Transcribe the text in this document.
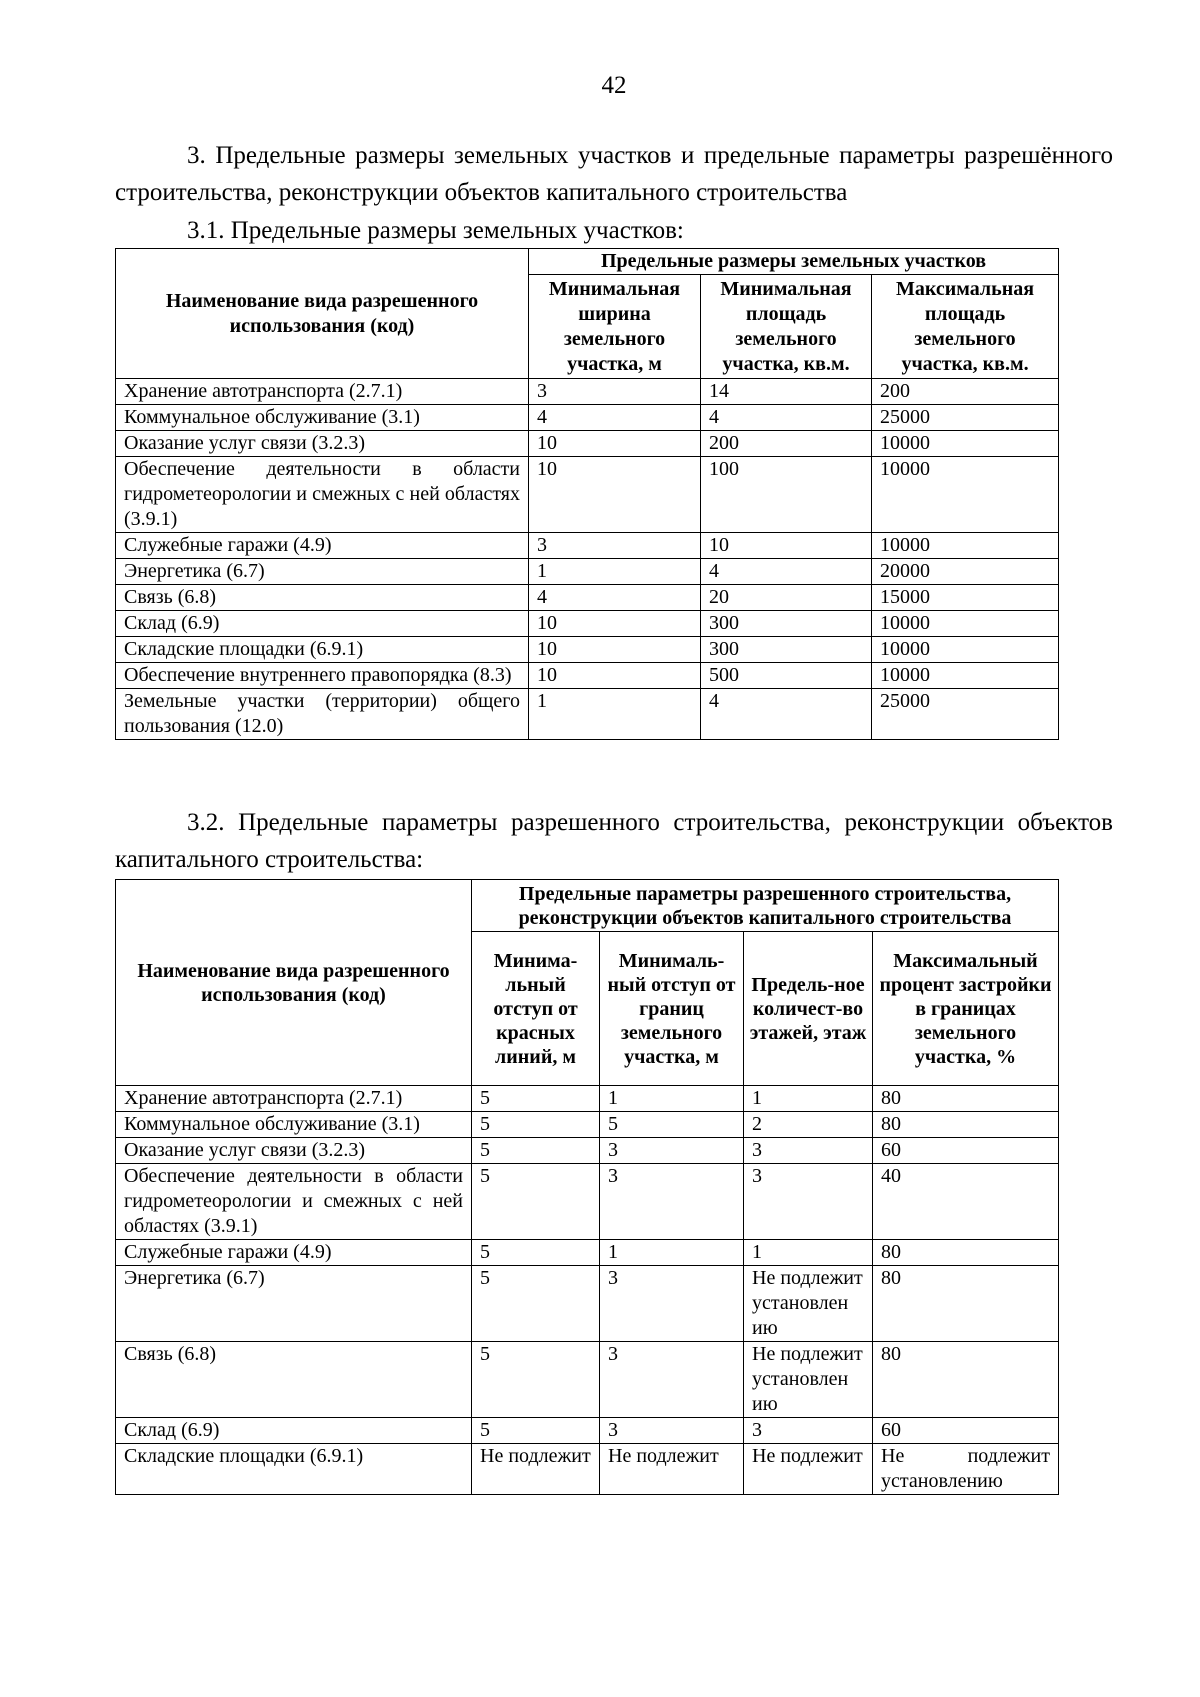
42
3. Предельные размеры земельных участков и предельные параметры разрешённого строительства, реконструкции объектов капитального строительства
3.1. Предельные размеры земельных участков:
Наименование вида разрешенного использования (код)	Предельные размеры земельных участков		
	Минимальная ширина земельного участка, м	Минимальная площадь земельного участка, кв.м.	Максимальная площадь земельного участка, кв.м.
Хранение автотранспорта (2.7.1)	3	14	200
Коммунальное обслуживание (3.1)	4	4	25000
Оказание услуг связи (3.2.3)	10	200	10000
Обеспечение деятельности в области гидрометеорологии и смежных с ней областях (3.9.1)	10	100	10000
Служебные гаражи (4.9)	3	10	10000
Энергетика (6.7)	1	4	20000
Связь (6.8)	4	20	15000
Склад (6.9)	10	300	10000
Складские площадки (6.9.1)	10	300	10000
Обеспечение внутреннего правопорядка (8.3)	10	500	10000
Земельные участки (территории) общего пользования (12.0)	1	4	25000
3.2. Предельные параметры разрешенного строительства, реконструкции объектов капитального строительства:
Наименование вида разрешенного использования (код)	Предельные параметры разрешенного строительства, реконструкции объектов капитального строительства			
	Минима-льный отступ от красных линий, м	Минималь-ный отступ от границ земельного участка, м	Предель-ное количест-во этажей, этаж	Максимальный процент застройки в границах земельного участка, %
Хранение автотранспорта (2.7.1)	5	1	1	80
Коммунальное обслуживание (3.1)	5	5	2	80
Оказание услуг связи (3.2.3)	5	3	3	60
Обеспечение деятельности в области гидрометеорологии и смежных с ней областях (3.9.1)	5	3	3	40
Служебные гаражи (4.9)	5	1	1	80
Энергетика (6.7)	5	3	Не подлежит установлен ию	80
Связь (6.8)	5	3	Не подлежит установлен ию	80
Склад (6.9)	5	3	3	60
Складские площадки (6.9.1)	Не подлежит	Не подлежит	Не подлежит	Не подлежит установлению
